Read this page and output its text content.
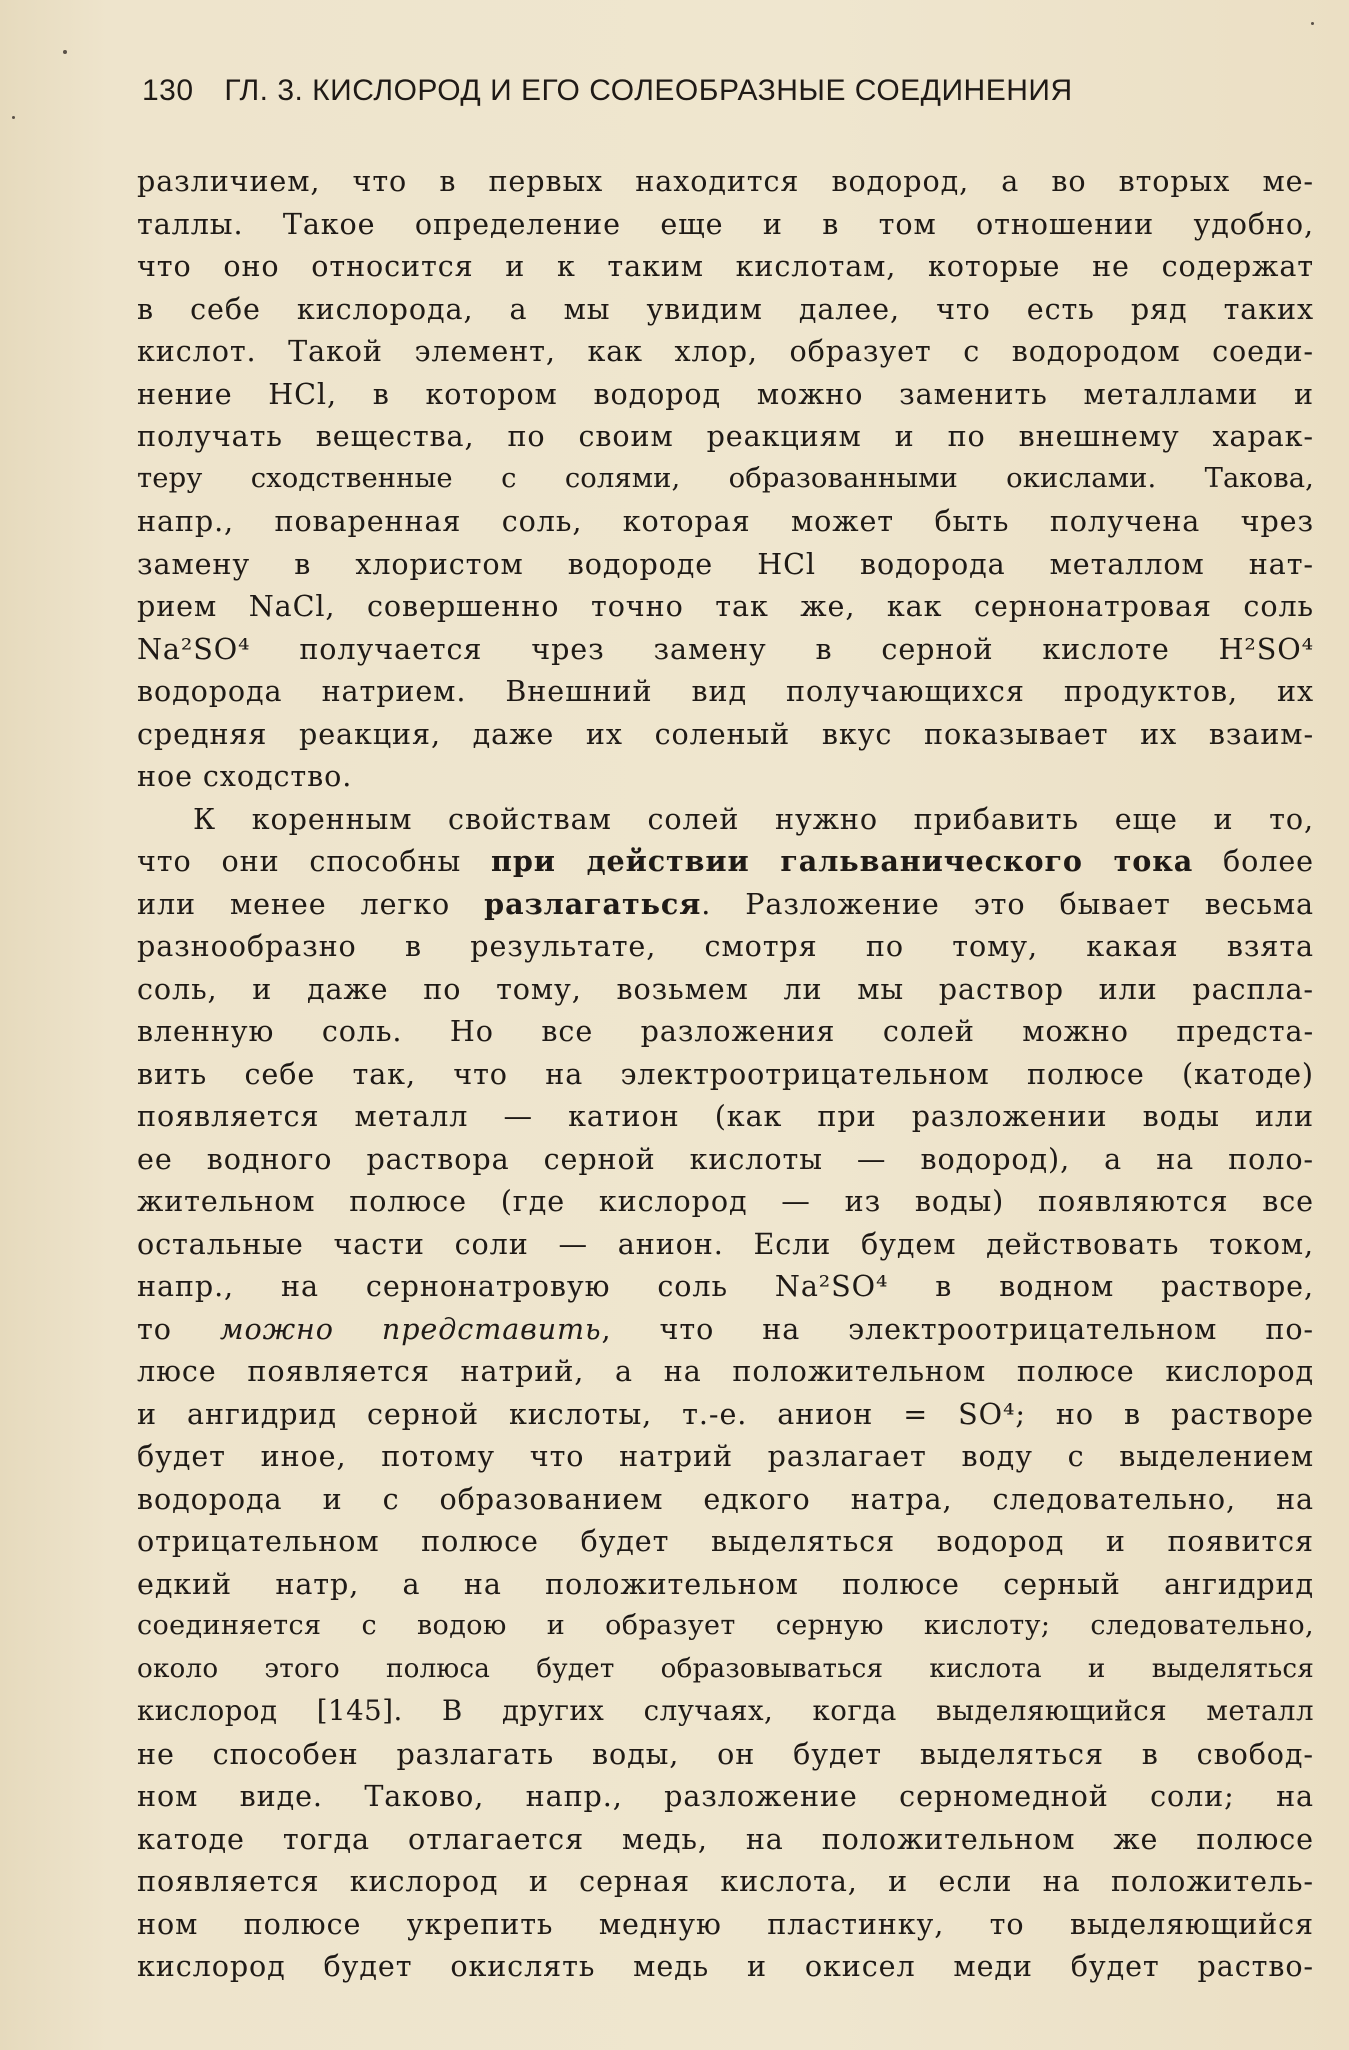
130 ГЛ. 3. КИСЛОРОД И ЕГО СОЛЕОБРАЗНЫЕ СОЕДИНЕНИЯ
различием, что в первых находится водород, а во вторых ме-
таллы. Такое определение еще и в том отношении удобно,
что оно относится и к таким кислотам, которые не содержат
в себе кислорода, а мы увидим далее, что есть ряд таких
кислот. Такой элемент, как хлор, образует с водородом соеди-
нение HCl, в котором водород можно заменить металлами и
получать вещества, по своим реакциям и по внешнему харак-
теру сходственные с солями, образованными окислами. Такова,
напр., поваренная соль, которая может быть получена чрез
замену в хлористом водороде HCl водорода металлом нат-
рием NaCl, совершенно точно так же, как сернонатровая соль
Na²SO⁴ получается чрез замену в серной кислоте H²SO⁴
водорода натрием. Внешний вид получающихся продуктов, их
средняя реакция, даже их соленый вкус показывает их взаим-
ное сходство.
К коренным свойствам солей нужно прибавить еще и то,
что они способны при действии гальванического тока более
или менее легко разлагаться. Разложение это бывает весьма
разнообразно в результате, смотря по тому, какая взята
соль, и даже по тому, возьмем ли мы раствор или распла-
вленную соль. Но все разложения солей можно предста-
вить себе так, что на электроотрицательном полюсе (катоде)
появляется металл — катион (как при разложении воды или
ее водного раствора серной кислоты — водород), а на поло-
жительном полюсе (где кислород — из воды) появляются все
остальные части соли — анион. Если будем действовать током,
напр., на сернонатровую соль Na²SO⁴ в водном растворе,
то можно представить, что на электроотрицательном по-
люсе появляется натрий, а на положительном полюсе кислород
и ангидрид серной кислоты, т.-е. анион = SO⁴; но в растворе
будет иное, потому что натрий разлагает воду с выделением
водорода и с образованием едкого натра, следовательно, на
отрицательном полюсе будет выделяться водород и появится
едкий натр, а на положительном полюсе серный ангидрид
соединяется с водою и образует серную кислоту; следовательно,
около этого полюса будет образовываться кислота и выделяться
кислород [145]. В других случаях, когда выделяющийся металл
не способен разлагать воды, он будет выделяться в свобод-
ном виде. Таково, напр., разложение серномедной соли; на
катоде тогда отлагается медь, на положительном же полюсе
появляется кислород и серная кислота, и если на положитель-
ном полюсе укрепить медную пластинку, то выделяющийся
кислород будет окислять медь и окисел меди будет раство-
